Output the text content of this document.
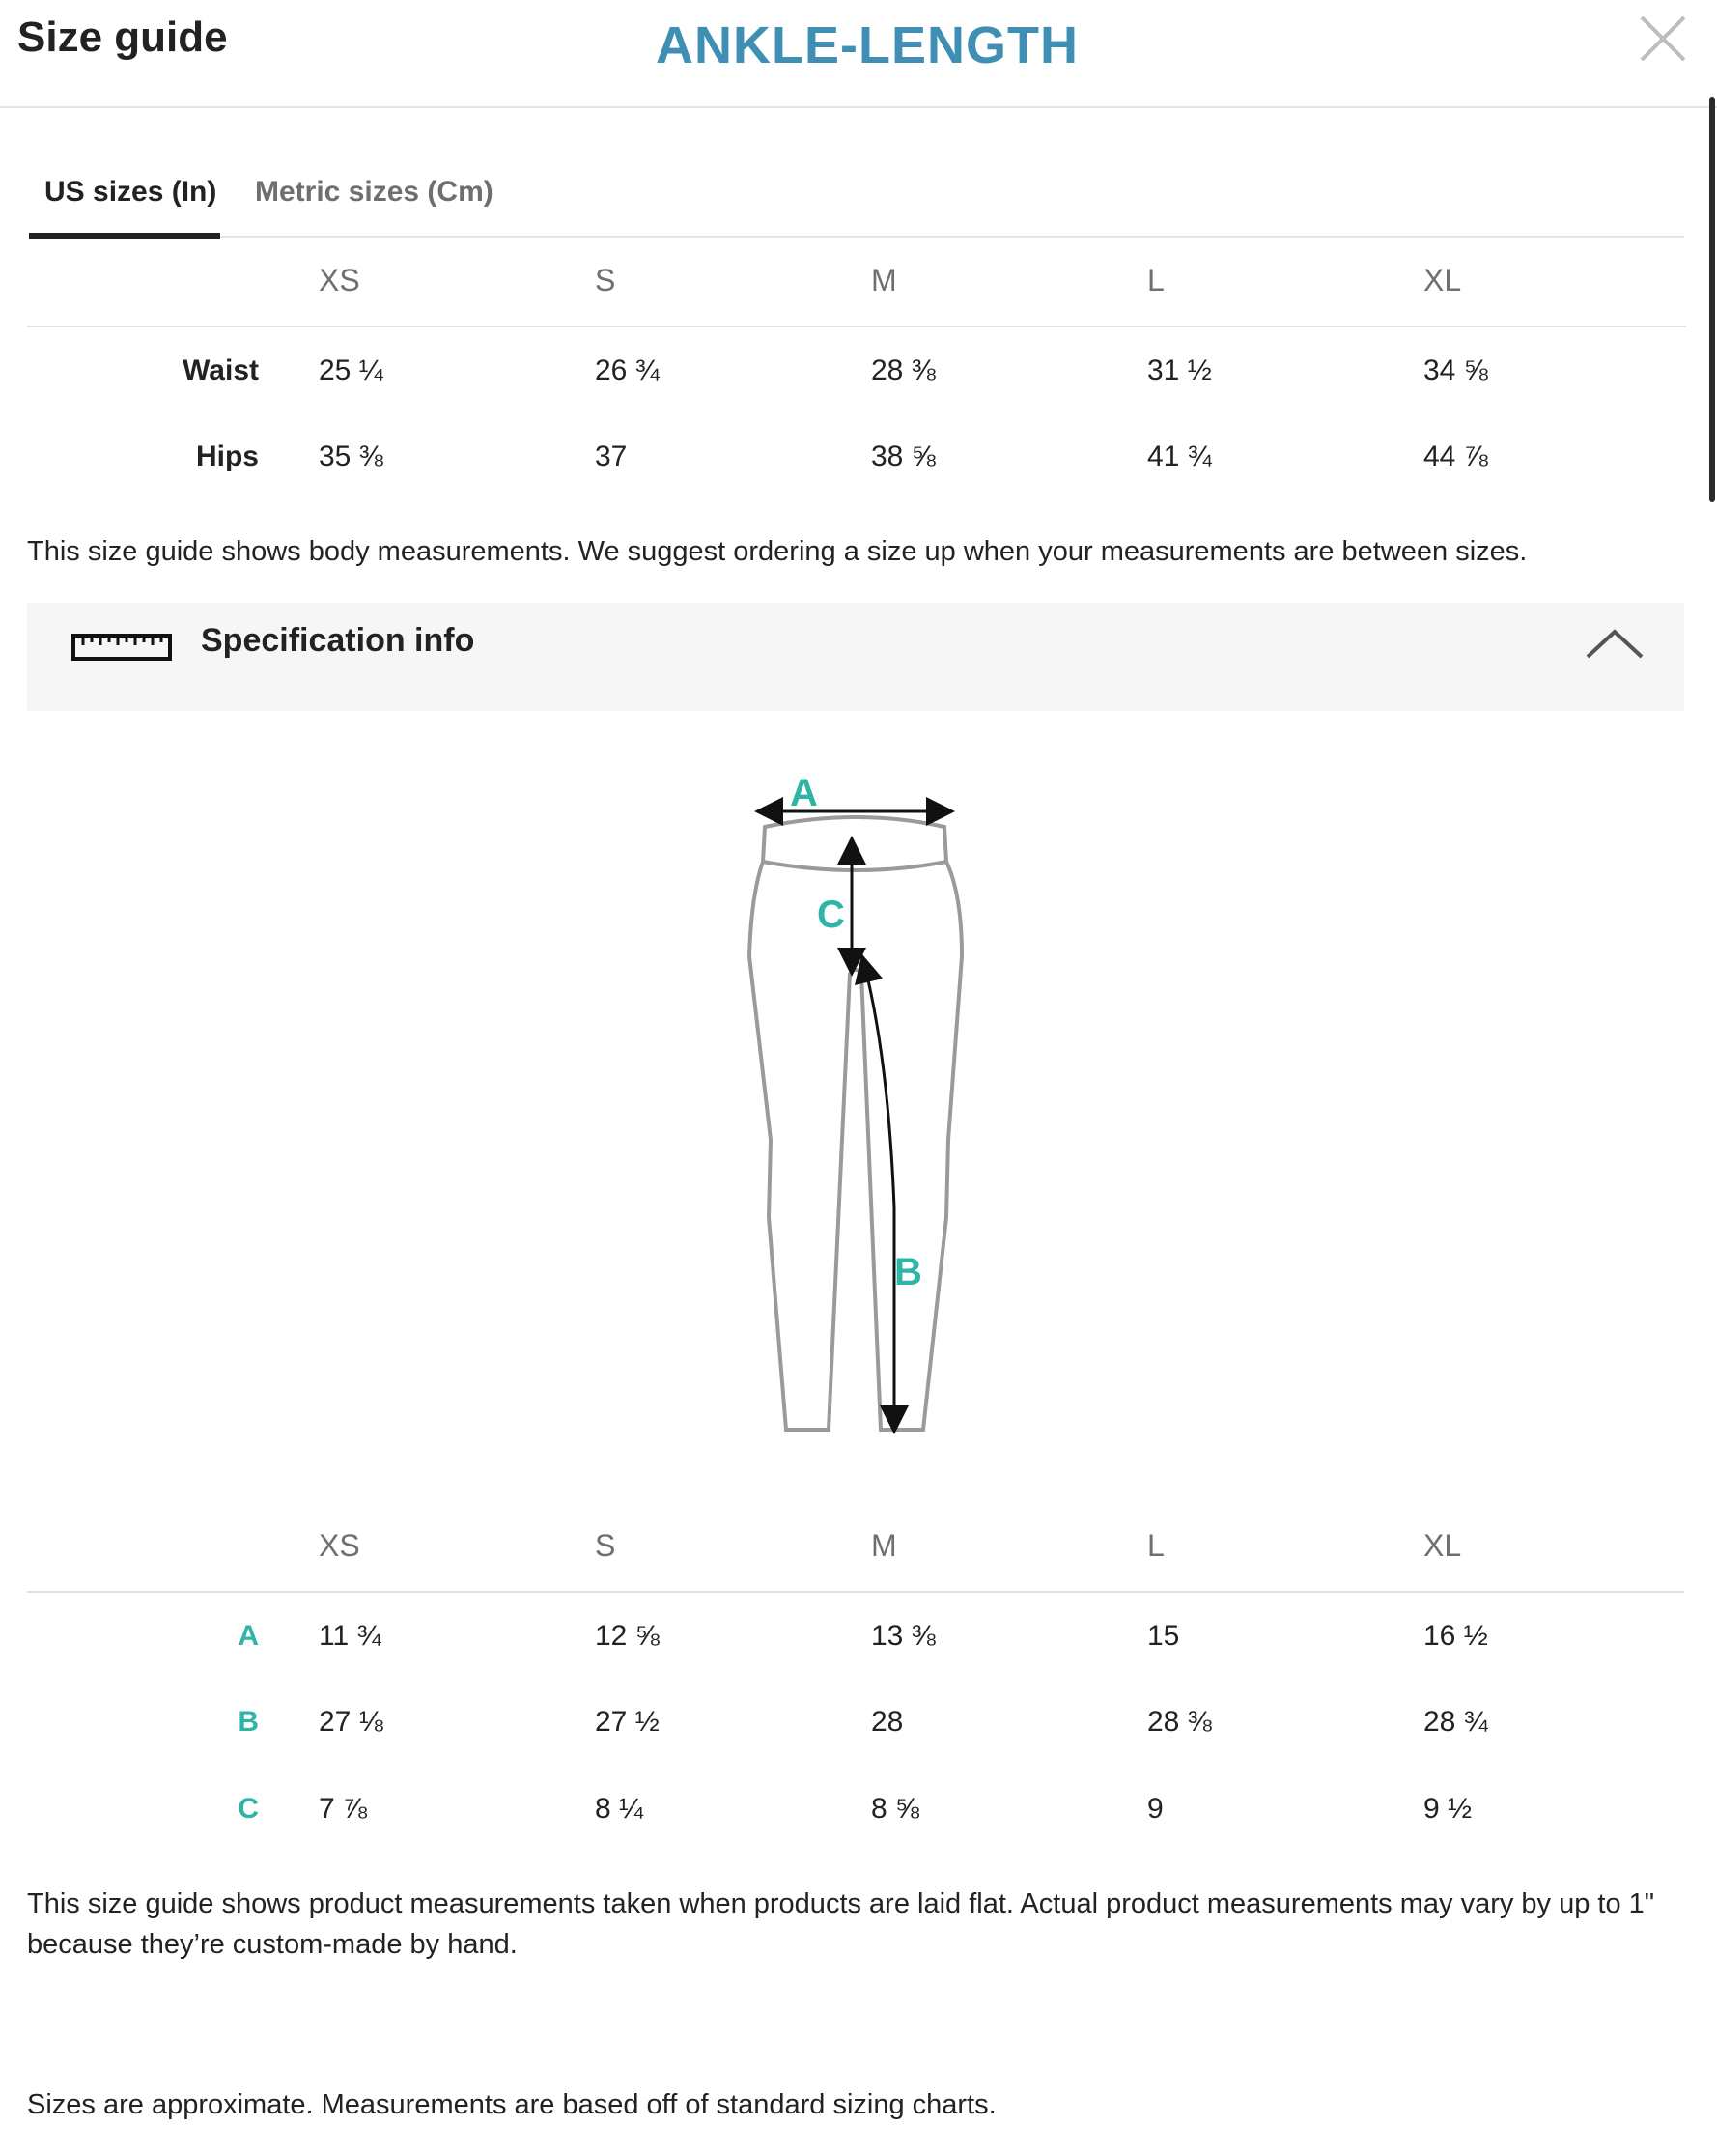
Size guide	ANKLE-LENGTH
US sizes (In) Metric sizes (Cm)
	XS	S	M	L	XL
Waist	25 ¼	26 ¾	28 ⅜	31 ½	34 ⅝
Hips	35 ⅜	37	38 ⅝	41 ¾	44 ⅞

This size guide shows body measurements. We suggest ordering a size up when your measurements are between sizes.

Specification info
A
B
C
	XS	S	M	L	XL
A	11 ¾	12 ⅝	13 ⅜	15	16 ½
B	27 ⅛	27 ½	28	28 ⅜	28 ¾
C	7 ⅞	8 ¼	8 ⅝	9	9 ½

This size guide shows product measurements taken when products are laid flat. Actual product measurements may vary by up to 1" because they’re custom-made by hand.

Sizes are approximate. Measurements are based off of standard sizing charts.
